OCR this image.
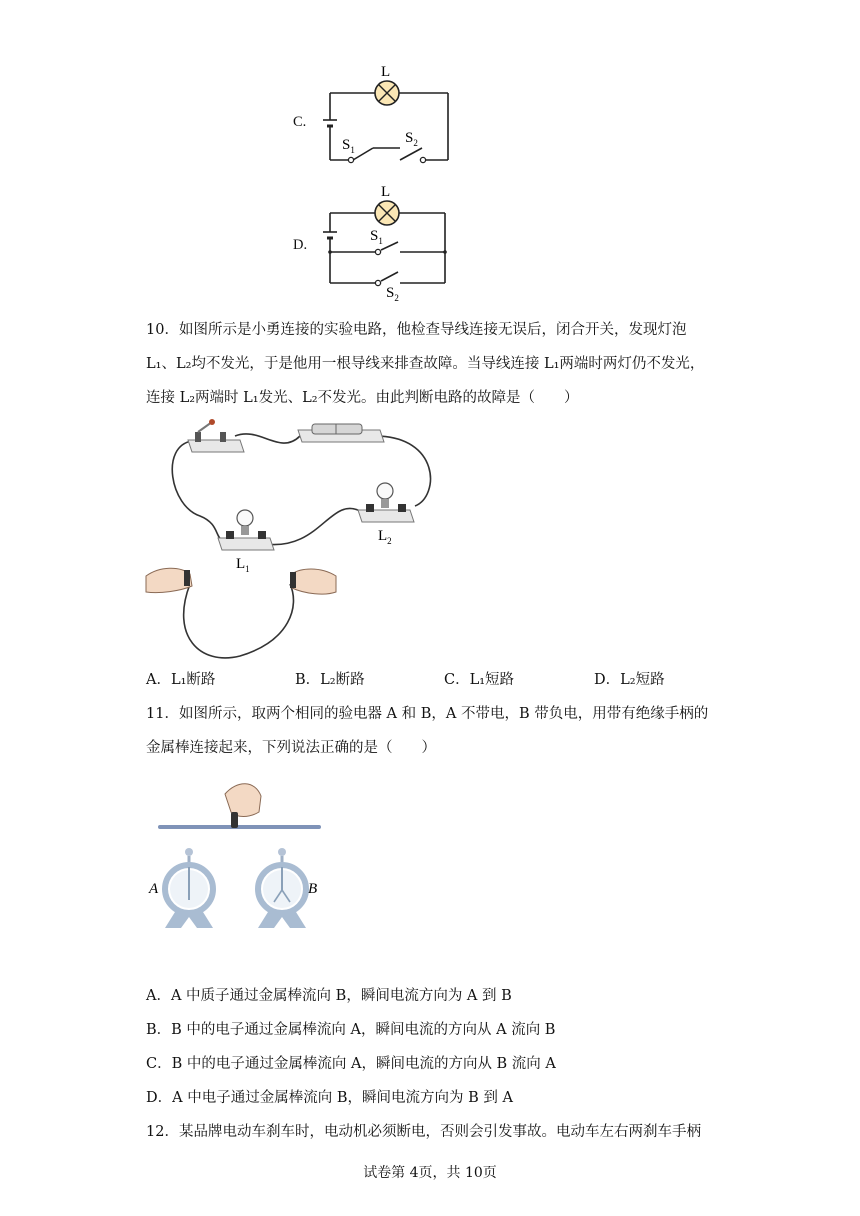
C.
L
$S_1$
$S_2$
D.
L
$S_1$
$S_2$
10．如图所示是小勇连接的实验电路，他检查导线连接无误后，闭合开关，发现灯泡
L₁、L₂均不发光，于是他用一根导线来排查故障。当导线连接 L₁两端时两灯仍不发光，
连接 L₂两端时 L₁发光、L₂不发光。由此判断电路的故障是（　　）
$L_1$
$L_2$
A．L₁断路	B．L₂断路	C．L₁短路	D．L₂短路
11．如图所示，取两个相同的验电器 A 和 B，A 不带电，B 带负电，用带有绝缘手柄的
金属棒连接起来，下列说法正确的是（　　）
A	B
A．A 中质子通过金属棒流向 B，瞬间电流方向为 A 到 B
B．B 中的电子通过金属棒流向 A，瞬间电流的方向从 A 流向 B
C．B 中的电子通过金属棒流向 A，瞬间电流的方向从 B 流向 A
D．A 中电子通过金属棒流向 B，瞬间电流方向为 B 到 A
12．某品牌电动车刹车时，电动机必须断电，否则会引发事故。电动车左右两刹车手柄
试卷第 4页，共 10页
